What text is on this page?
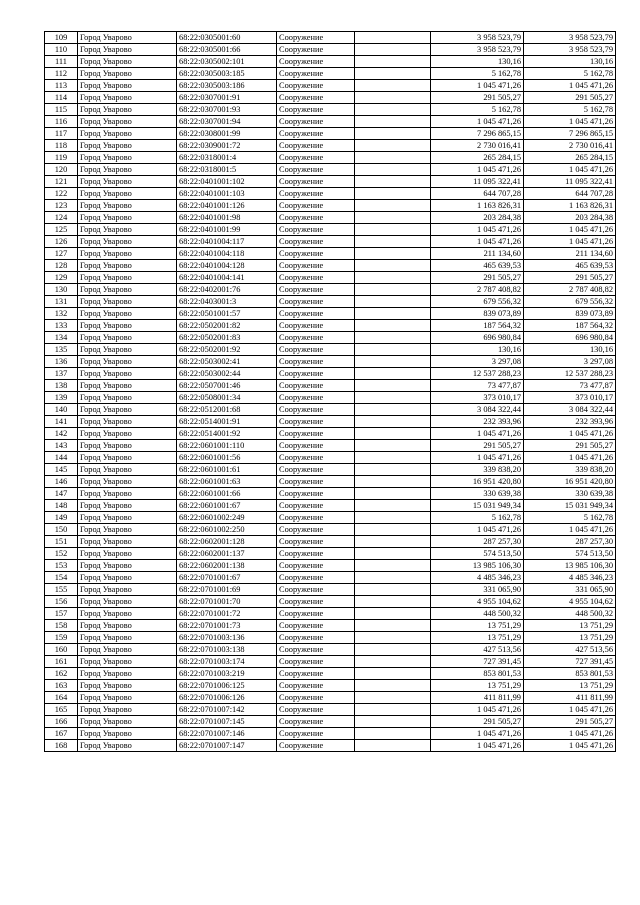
109	Город Уварово	68:22:0305001:60	Сооружение		3 958 523,79	3 958 523,79
110	Город Уварово	68:22:0305001:66	Сооружение		3 958 523,79	3 958 523,79
111	Город Уварово	68:22:0305002:101	Сооружение		130,16	130,16
112	Город Уварово	68:22:0305003:185	Сооружение		5 162,78	5 162,78
113	Город Уварово	68:22:0305003:186	Сооружение		1 045 471,26	1 045 471,26
114	Город Уварово	68:22:0307001:91	Сооружение		291 505,27	291 505,27
115	Город Уварово	68:22:0307001:93	Сооружение		5 162,78	5 162,78
116	Город Уварово	68:22:0307001:94	Сооружение		1 045 471,26	1 045 471,26
117	Город Уварово	68:22:0308001:99	Сооружение		7 296 865,15	7 296 865,15
118	Город Уварово	68:22:0309001:72	Сооружение		2 730 016,41	2 730 016,41
119	Город Уварово	68:22:0318001:4	Сооружение		265 284,15	265 284,15
120	Город Уварово	68:22:0318001:5	Сооружение		1 045 471,26	1 045 471,26
121	Город Уварово	68:22:0401001:102	Сооружение		11 095 322,41	11 095 322,41
122	Город Уварово	68:22:0401001:103	Сооружение		644 707,28	644 707,28
123	Город Уварово	68:22:0401001:126	Сооружение		1 163 826,31	1 163 826,31
124	Город Уварово	68:22:0401001:98	Сооружение		203 284,38	203 284,38
125	Город Уварово	68:22:0401001:99	Сооружение		1 045 471,26	1 045 471,26
126	Город Уварово	68:22:0401004:117	Сооружение		1 045 471,26	1 045 471,26
127	Город Уварово	68:22:0401004:118	Сооружение		211 134,60	211 134,60
128	Город Уварово	68:22:0401004:128	Сооружение		465 639,53	465 639,53
129	Город Уварово	68:22:0401004:141	Сооружение		291 505,27	291 505,27
130	Город Уварово	68:22:0402001:76	Сооружение		2 787 408,82	2 787 408,82
131	Город Уварово	68:22:0403001:3	Сооружение		679 556,32	679 556,32
132	Город Уварово	68:22:0501001:57	Сооружение		839 073,89	839 073,89
133	Город Уварово	68:22:0502001:82	Сооружение		187 564,32	187 564,32
134	Город Уварово	68:22:0502001:83	Сооружение		696 980,84	696 980,84
135	Город Уварово	68:22:0502001:92	Сооружение		130,16	130,16
136	Город Уварово	68:22:0503002:41	Сооружение		3 297,08	3 297,08
137	Город Уварово	68:22:0503002:44	Сооружение		12 537 288,23	12 537 288,23
138	Город Уварово	68:22:0507001:46	Сооружение		73 477,87	73 477,87
139	Город Уварово	68:22:0508001:34	Сооружение		373 010,17	373 010,17
140	Город Уварово	68:22:0512001:68	Сооружение		3 084 322,44	3 084 322,44
141	Город Уварово	68:22:0514001:91	Сооружение		232 393,96	232 393,96
142	Город Уварово	68:22:0514001:92	Сооружение		1 045 471,26	1 045 471,26
143	Город Уварово	68:22:0601001:110	Сооружение		291 505,27	291 505,27
144	Город Уварово	68:22:0601001:56	Сооружение		1 045 471,26	1 045 471,26
145	Город Уварово	68:22:0601001:61	Сооружение		339 838,20	339 838,20
146	Город Уварово	68:22:0601001:63	Сооружение		16 951 420,80	16 951 420,80
147	Город Уварово	68:22:0601001:66	Сооружение		330 639,38	330 639,38
148	Город Уварово	68:22:0601001:67	Сооружение		15 031 949,34	15 031 949,34
149	Город Уварово	68:22:0601002:249	Сооружение		5 162,78	5 162,78
150	Город Уварово	68:22:0601002:250	Сооружение		1 045 471,26	1 045 471,26
151	Город Уварово	68:22:0602001:128	Сооружение		287 257,30	287 257,30
152	Город Уварово	68:22:0602001:137	Сооружение		574 513,50	574 513,50
153	Город Уварово	68:22:0602001:138	Сооружение		13 985 106,30	13 985 106,30
154	Город Уварово	68:22:0701001:67	Сооружение		4 485 346,23	4 485 346,23
155	Город Уварово	68:22:0701001:69	Сооружение		331 065,90	331 065,90
156	Город Уварово	68:22:0701001:70	Сооружение		4 955 104,62	4 955 104,62
157	Город Уварово	68:22:0701001:72	Сооружение		448 500,32	448 500,32
158	Город Уварово	68:22:0701001:73	Сооружение		13 751,29	13 751,29
159	Город Уварово	68:22:0701003:136	Сооружение		13 751,29	13 751,29
160	Город Уварово	68:22:0701003:138	Сооружение		427 513,56	427 513,56
161	Город Уварово	68:22:0701003:174	Сооружение		727 391,45	727 391,45
162	Город Уварово	68:22:0701003:219	Сооружение		853 801,53	853 801,53
163	Город Уварово	68:22:0701006:125	Сооружение		13 751,29	13 751,29
164	Город Уварово	68:22:0701006:126	Сооружение		411 811,99	411 811,99
165	Город Уварово	68:22:0701007:142	Сооружение		1 045 471,26	1 045 471,26
166	Город Уварово	68:22:0701007:145	Сооружение		291 505,27	291 505,27
167	Город Уварово	68:22:0701007:146	Сооружение		1 045 471,26	1 045 471,26
168	Город Уварово	68:22:0701007:147	Сооружение		1 045 471,26	1 045 471,26
